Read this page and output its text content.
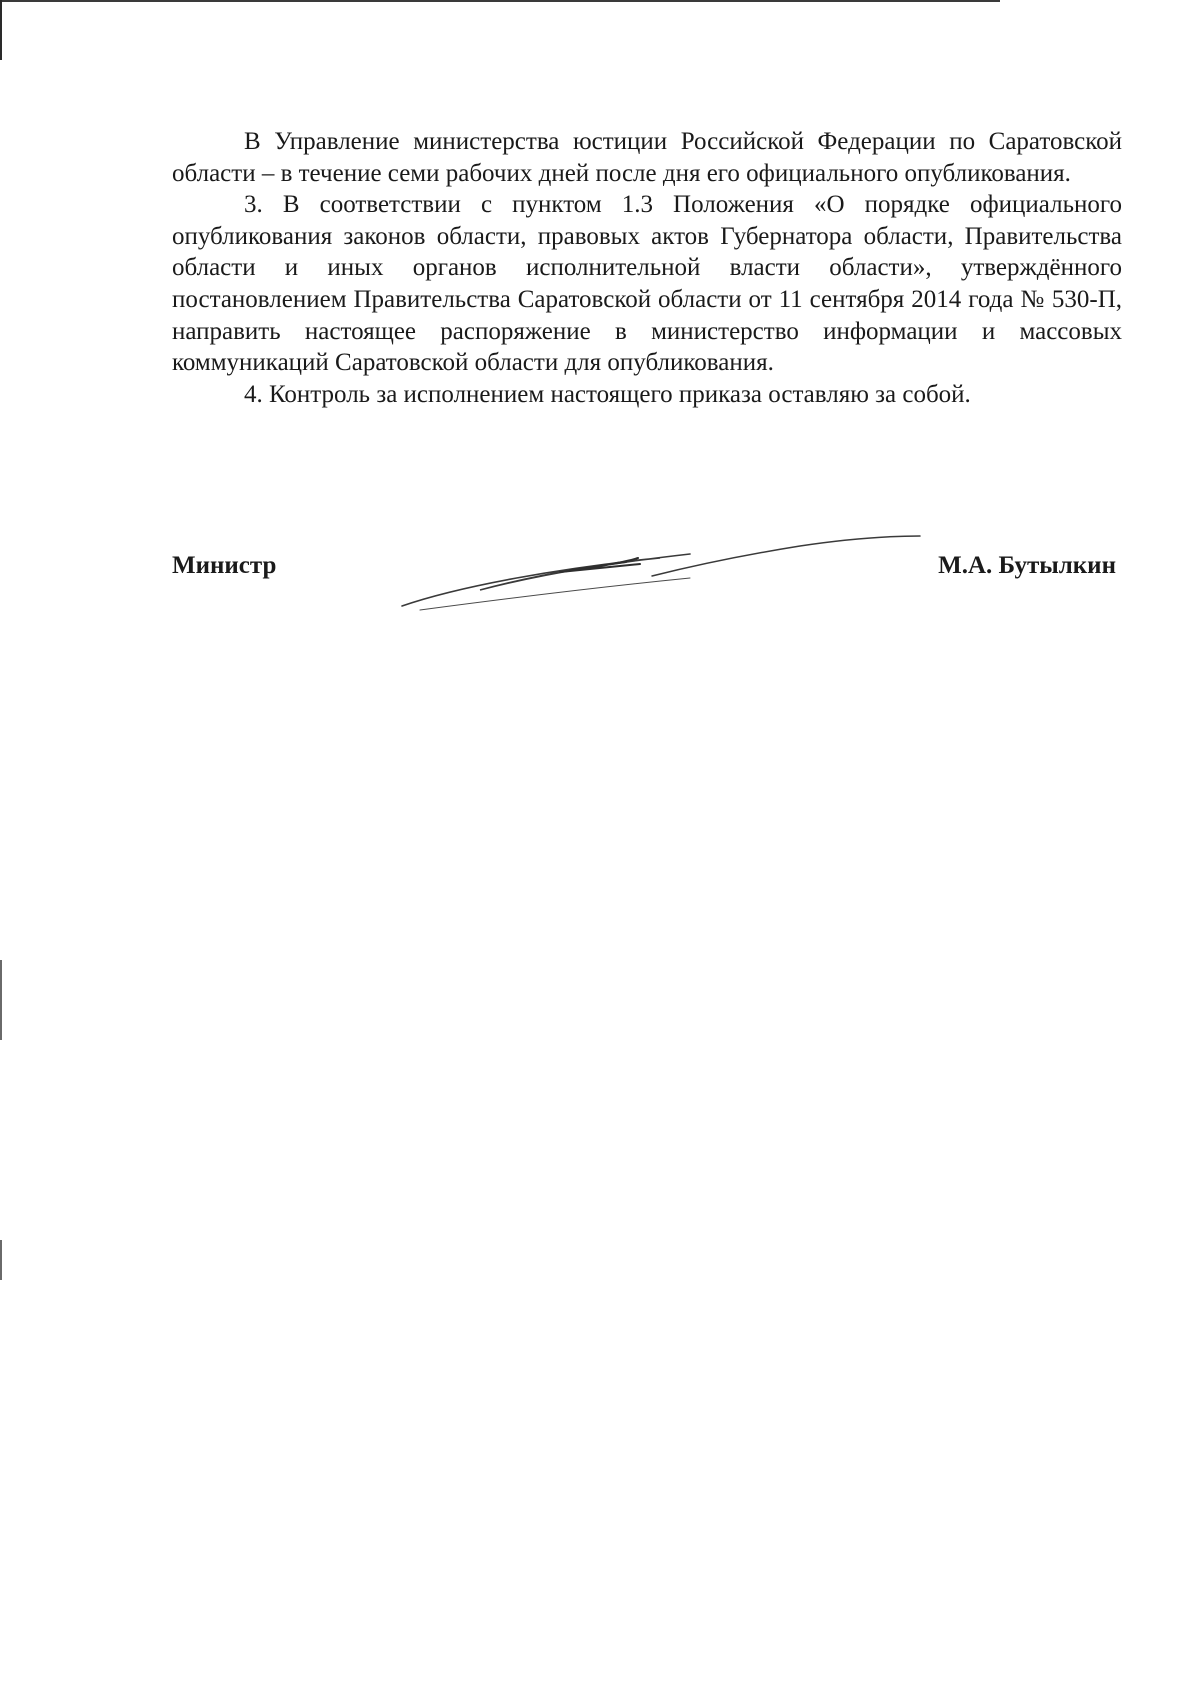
В Управление министерства юстиции Российской Федерации по Саратовской области – в течение семи рабочих дней после дня его официального опубликования.

3. В соответствии с пунктом 1.3 Положения «О порядке официального опубликования законов области, правовых актов Губернатора области, Правительства области и иных органов исполнительной власти области», утверждённого постановлением Правительства Саратовской области от 11 сентября 2014 года № 530-П, направить настоящее распоряжение в министерство информации и массовых коммуникаций Саратовской области для опубликования.

4. Контроль за исполнением настоящего приказа оставляю за собой.

Министр	М.А. Бутылкин
